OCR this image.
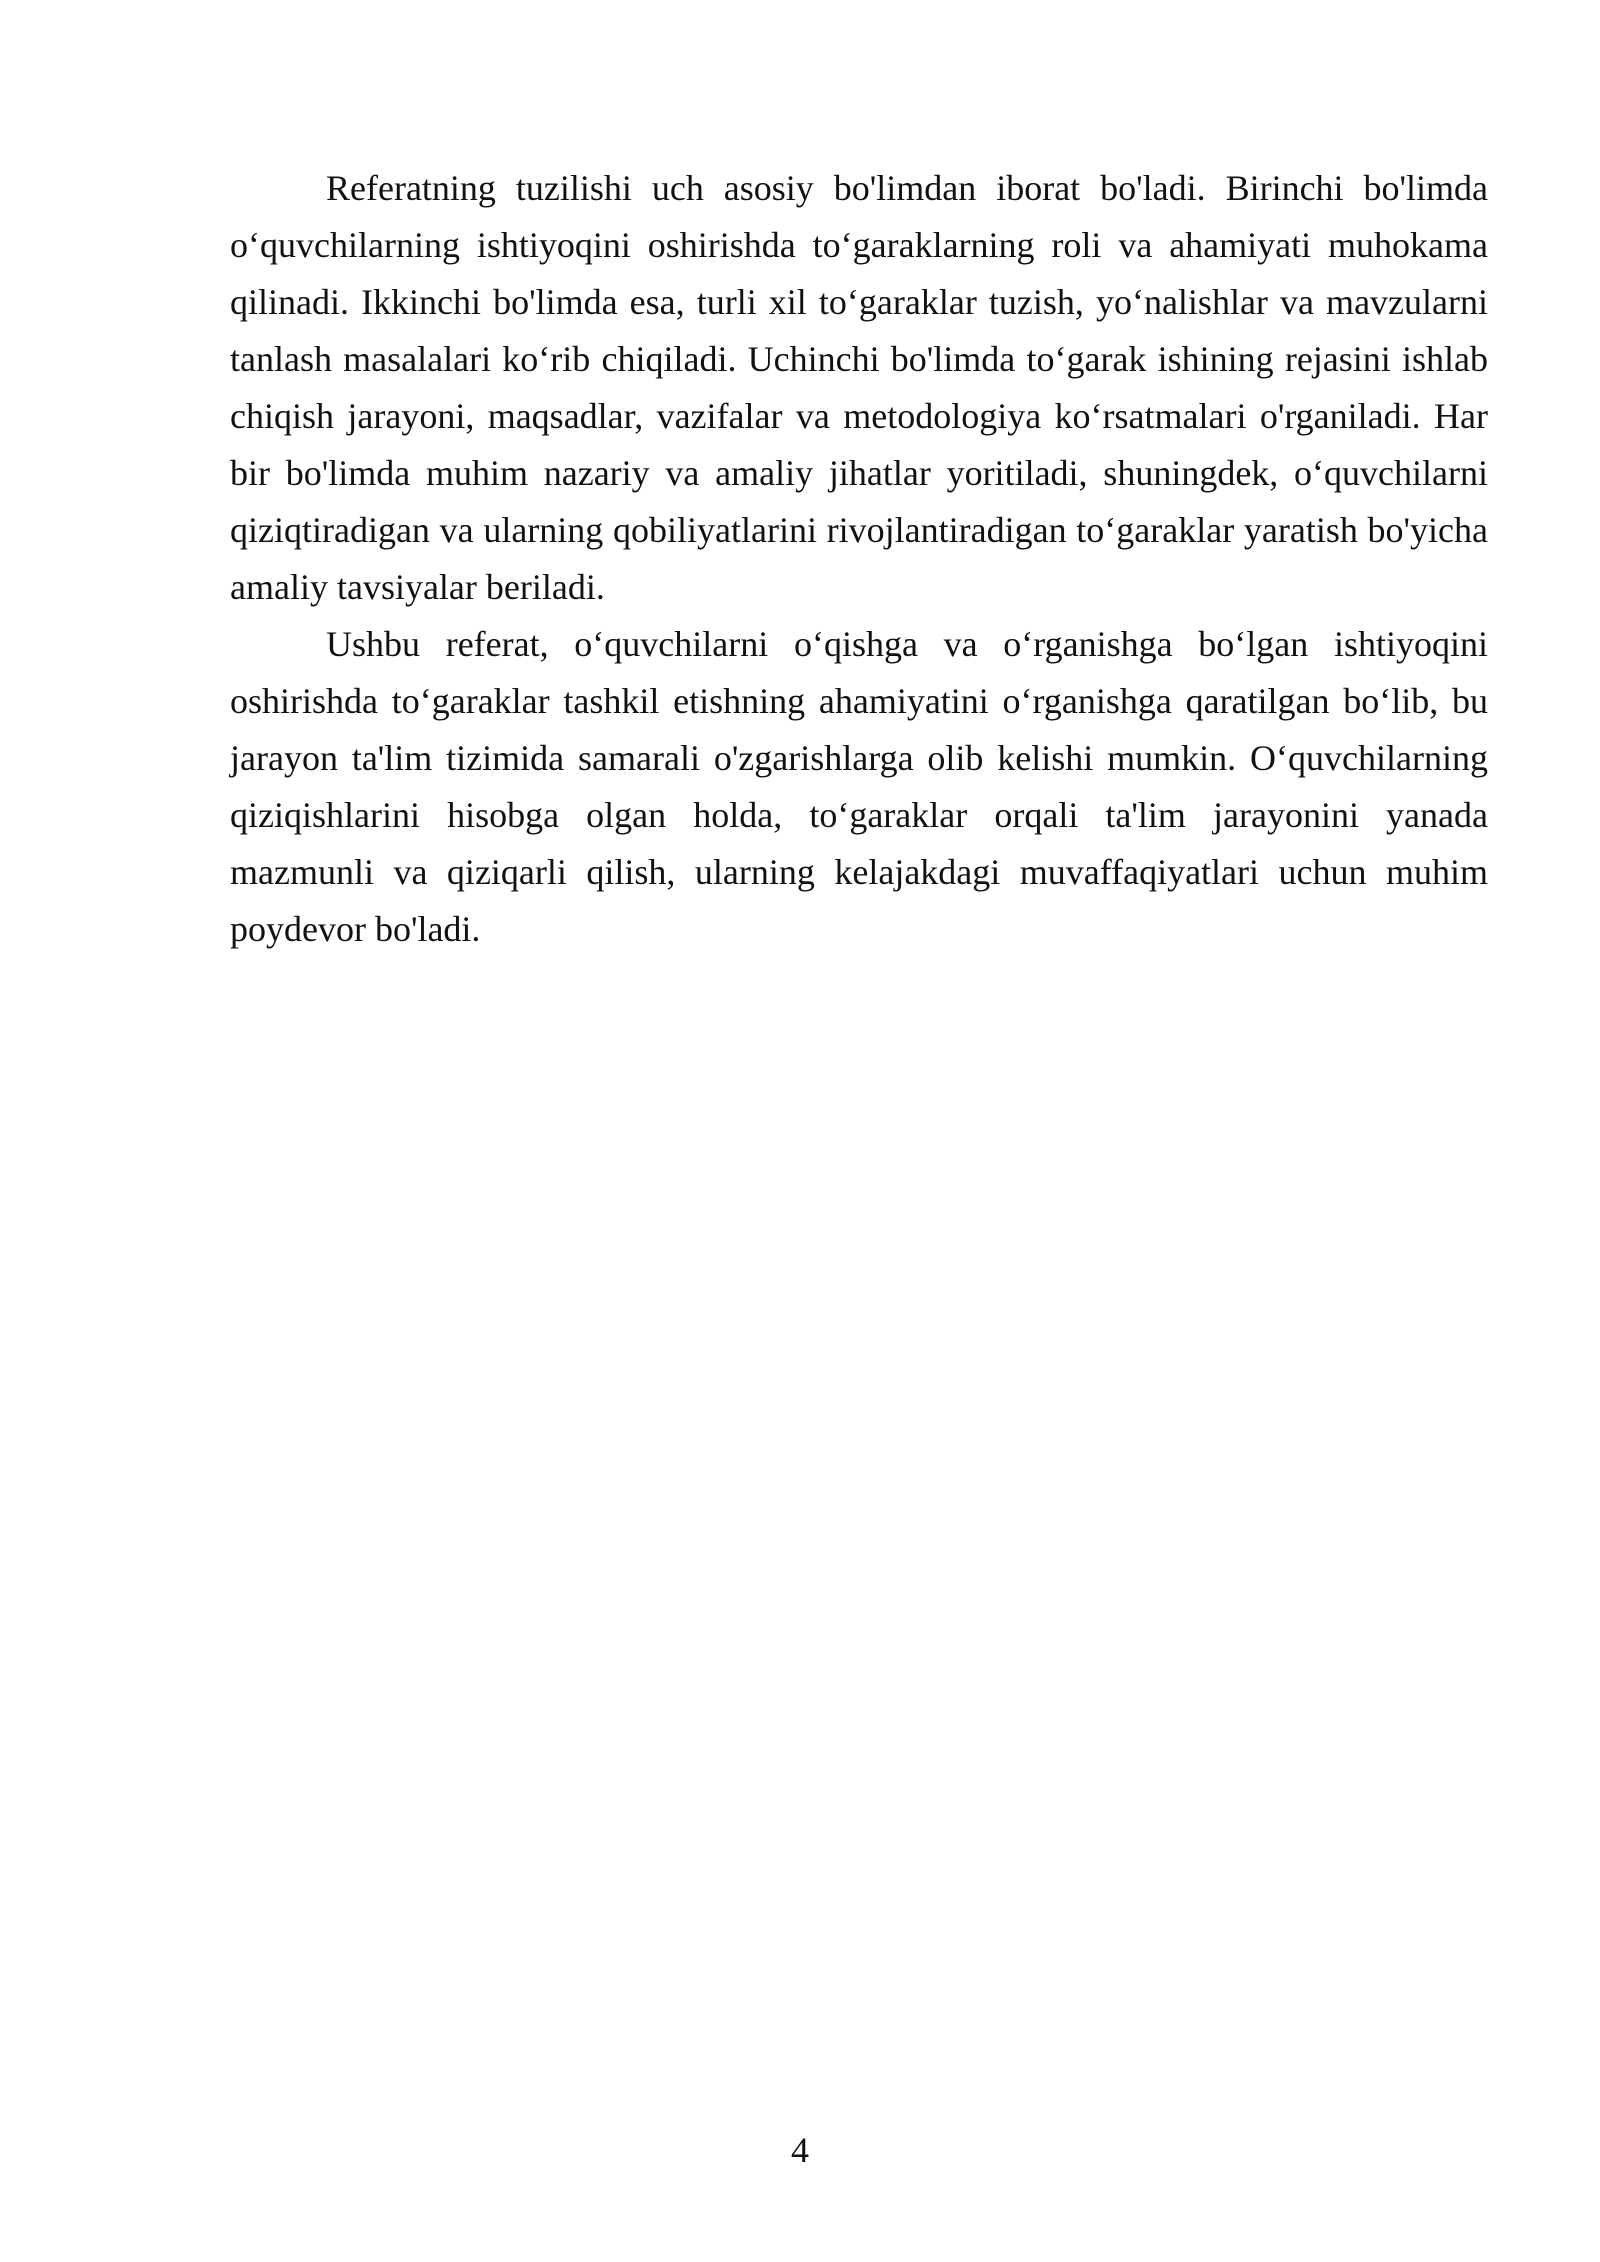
Referatning tuzilishi uch asosiy bo'limdan iborat bo'ladi. Birinchi bo'limda o‘quvchilarning ishtiyoqini oshirishda to‘garaklarning roli va ahamiyati muhokama qilinadi. Ikkinchi bo'limda esa, turli xil to‘garaklar tuzish, yo‘nalishlar va mavzularni tanlash masalalari ko‘rib chiqiladi. Uchinchi bo'limda to‘garak ishining rejasini ishlab chiqish jarayoni, maqsadlar, vazifalar va metodologiya ko‘rsatmalari o'rganiladi. Har bir bo'limda muhim nazariy va amaliy jihatlar yoritiladi, shuningdek, o‘quvchilarni qiziqtiradigan va ularning qobiliyatlarini rivojlantiradigan to‘garaklar yaratish bo'yicha amaliy tavsiyalar beriladi.

Ushbu referat, o‘quvchilarni o‘qishga va o‘rganishga bo‘lgan ishtiyoqini oshirishda to‘garaklar tashkil etishning ahamiyatini o‘rganishga qaratilgan bo‘lib, bu jarayon ta'lim tizimida samarali o'zgarishlarga olib kelishi mumkin. O‘quvchilarning qiziqishlarini hisobga olgan holda, to‘garaklar orqali ta'lim jarayonini yanada mazmunli va qiziqarli qilish, ularning kelajakdagi muvaffaqiyatlari uchun muhim poydevor bo'ladi.

4
